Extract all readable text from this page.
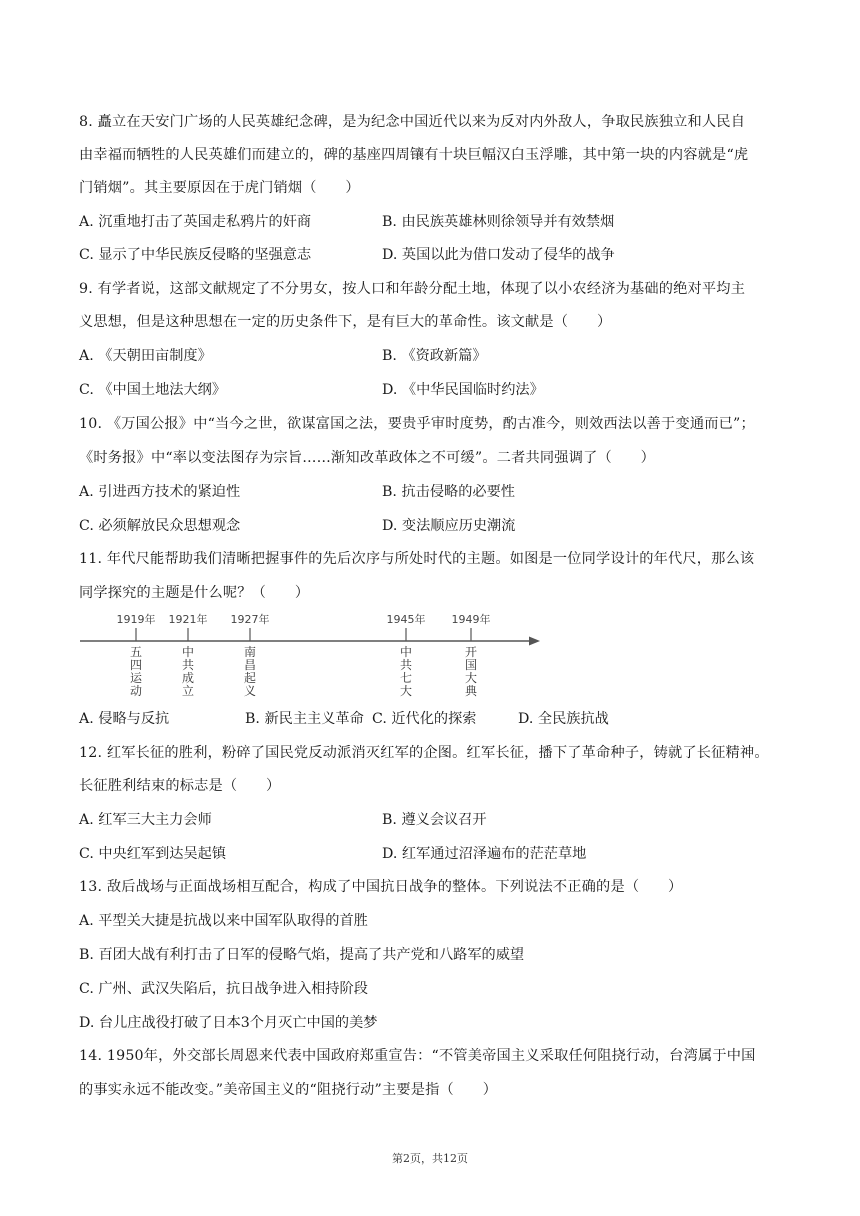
8. 矗立在天安门广场的人民英雄纪念碑，是为纪念中国近代以来为反对内外敌人，争取民族独立和人民自
由幸福而牺牲的人民英雄们而建立的，碑的基座四周镶有十块巨幅汉白玉浮雕，其中第一块的内容就是“虎
门销烟”。其主要原因在于虎门销烟（　　）
A. 沉重地打击了英国走私鸦片的奸商	B. 由民族英雄林则徐领导并有效禁烟
C. 显示了中华民族反侵略的坚强意志	D. 英国以此为借口发动了侵华的战争
9. 有学者说，这部文献规定了不分男女，按人口和年龄分配土地，体现了以小农经济为基础的绝对平均主
义思想，但是这种思想在一定的历史条件下，是有巨大的革命性。该文献是（　　）
A. 《天朝田亩制度》	B. 《资政新篇》
C. 《中国土地法大纲》	D. 《中华民国临时约法》
10. 《万国公报》中“当今之世，欲谋富国之法，要贵乎审时度势，酌古准今，则效西法以善于变通而已”；
《时务报》中“率以变法图存为宗旨……渐知改革政体之不可缓”。二者共同强调了（　　）
A. 引进西方技术的紧迫性	B. 抗击侵略的必要性
C. 必须解放民众思想观念	D. 变法顺应历史潮流
11. 年代尺能帮助我们清晰把握事件的先后次序与所处时代的主题。如图是一位同学设计的年代尺，那么该
同学探究的主题是什么呢？（　　）
1919年
五
四
运
动
1921年
中
共
成
立
1927年
南
昌
起
义
1945年
中
共
七
大
1949年
开
国
大
典
A. 侵略与反抗	B. 新民主主义革命 C. 近代化的探索	D. 全民族抗战
12. 红军长征的胜利，粉碎了国民党反动派消灭红军的企图。红军长征，播下了革命种子，铸就了长征精神。
长征胜利结束的标志是（　　）
A. 红军三大主力会师	B. 遵义会议召开
C. 中央红军到达吴起镇	D. 红军通过沼泽遍布的茫茫草地
13. 敌后战场与正面战场相互配合，构成了中国抗日战争的整体。下列说法不正确的是（　　）
A. 平型关大捷是抗战以来中国军队取得的首胜
B. 百团大战有利打击了日军的侵略气焰，提高了共产党和八路军的威望
C. 广州、武汉失陷后，抗日战争进入相持阶段
D. 台儿庄战役打破了日本3个月灭亡中国的美梦
14. 1950年，外交部长周恩来代表中国政府郑重宣告：“不管美帝国主义采取任何阻挠行动，台湾属于中国
的事实永远不能改变。”美帝国主义的“阻挠行动”主要是指（　　）
第2页，共12页
